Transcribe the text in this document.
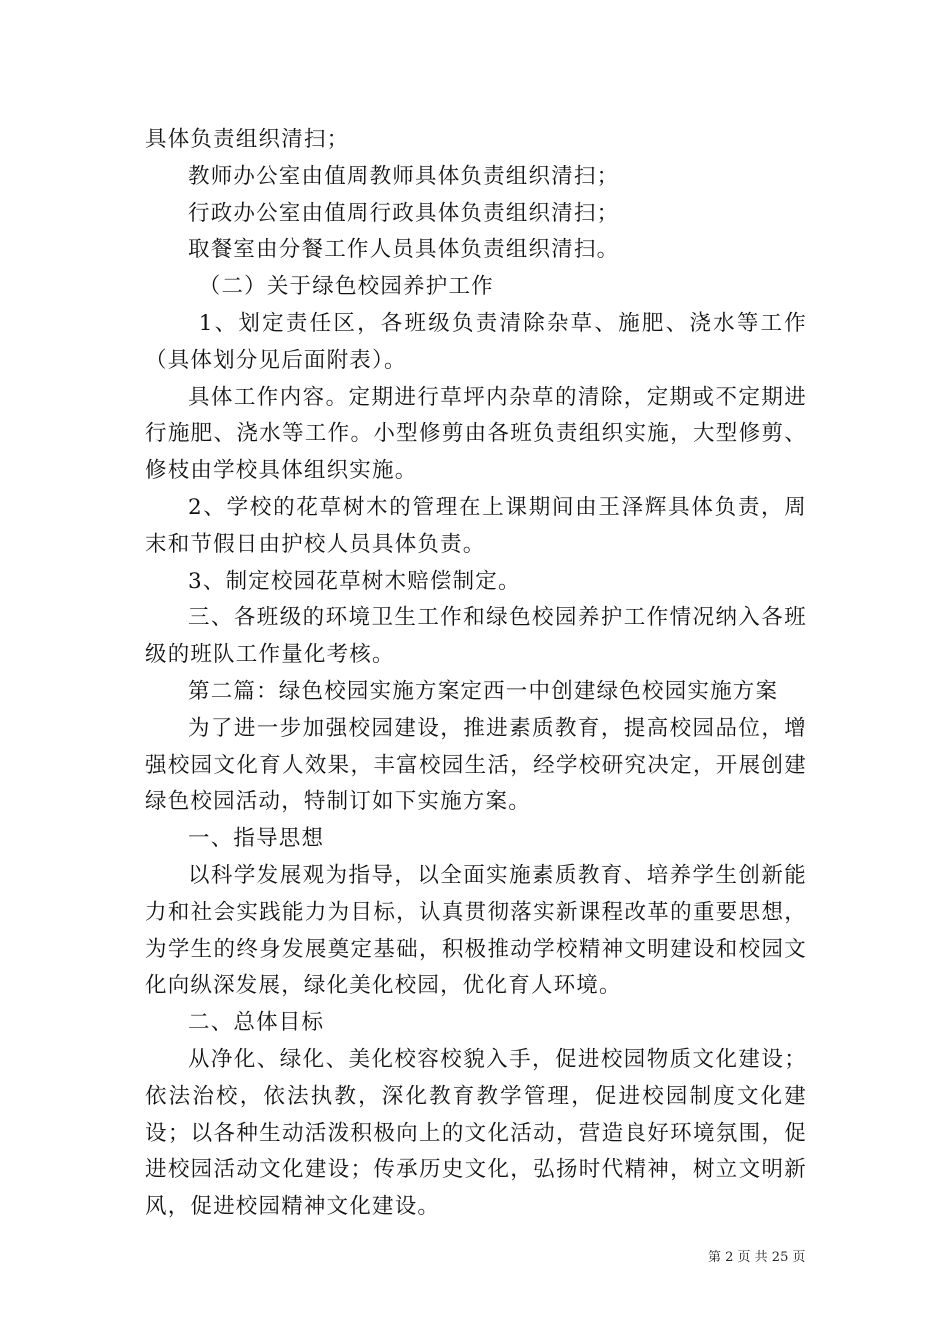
具体负责组织清扫；

教师办公室由值周教师具体负责组织清扫；

行政办公室由值周行政具体负责组织清扫；

取餐室由分餐工作人员具体负责组织清扫。

（二）关于绿色校园养护工作

1、划定责任区，各班级负责清除杂草、施肥、浇水等工作（具体划分见后面附表）。

具体工作内容。定期进行草坪内杂草的清除，定期或不定期进行施肥、浇水等工作。小型修剪由各班负责组织实施，大型修剪、修枝由学校具体组织实施。

2、学校的花草树木的管理在上课期间由王泽辉具体负责，周末和节假日由护校人员具体负责。

3、制定校园花草树木赔偿制定。

三、各班级的环境卫生工作和绿色校园养护工作情况纳入各班级的班队工作量化考核。

第二篇：绿色校园实施方案定西一中创建绿色校园实施方案

为了进一步加强校园建设，推进素质教育，提高校园品位，增强校园文化育人效果，丰富校园生活，经学校研究决定，开展创建绿色校园活动，特制订如下实施方案。

一、指导思想

以科学发展观为指导，以全面实施素质教育、培养学生创新能力和社会实践能力为目标，认真贯彻落实新课程改革的重要思想，为学生的终身发展奠定基础，积极推动学校精神文明建设和校园文化向纵深发展，绿化美化校园，优化育人环境。

二、总体目标

从净化、绿化、美化校容校貌入手，促进校园物质文化建设；依法治校，依法执教，深化教育教学管理，促进校园制度文化建设；以各种生动活泼积极向上的文化活动，营造良好环境氛围，促进校园活动文化建设；传承历史文化，弘扬时代精神，树立文明新风，促进校园精神文化建设。

第 2 页 共 25 页
